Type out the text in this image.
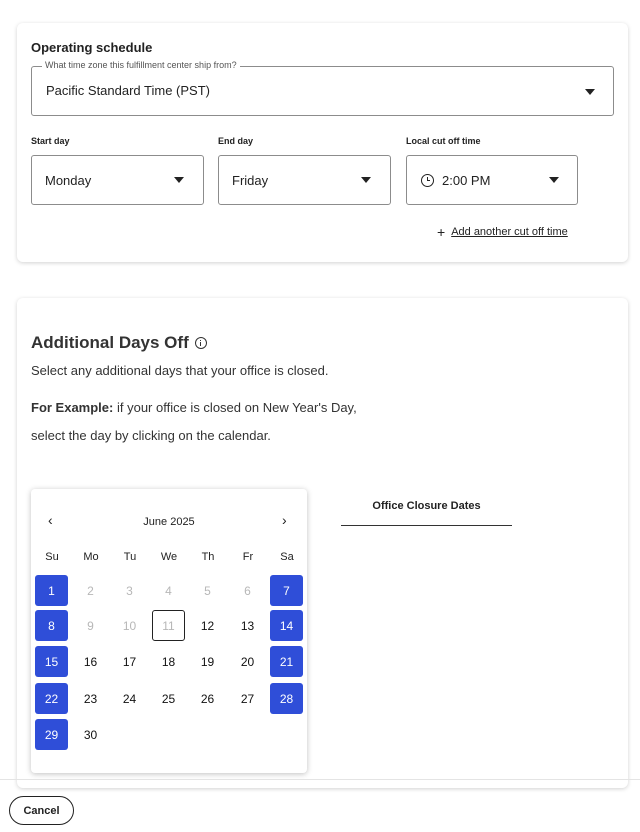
Operating schedule
What time zone this fulfillment center ship from?
Pacific Standard Time (PST)
Start day
Monday
End day
Friday
Local cut off time
2:00 PM
+ Add another cut off time
Additional Days Off
Select any additional days that your office is closed.
For Example: if your office is closed on New Year's Day,
select the day by clicking on the calendar.
‹	June 2025	›
Su	Mo	Tu	We	Th	Fr	Sa
1	2	3	4	5	6	7
8	9	10	11	12	13	14
15	16	17	18	19	20	21
22	23	24	25	26	27	28
29	30
Office Closure Dates
Cancel
